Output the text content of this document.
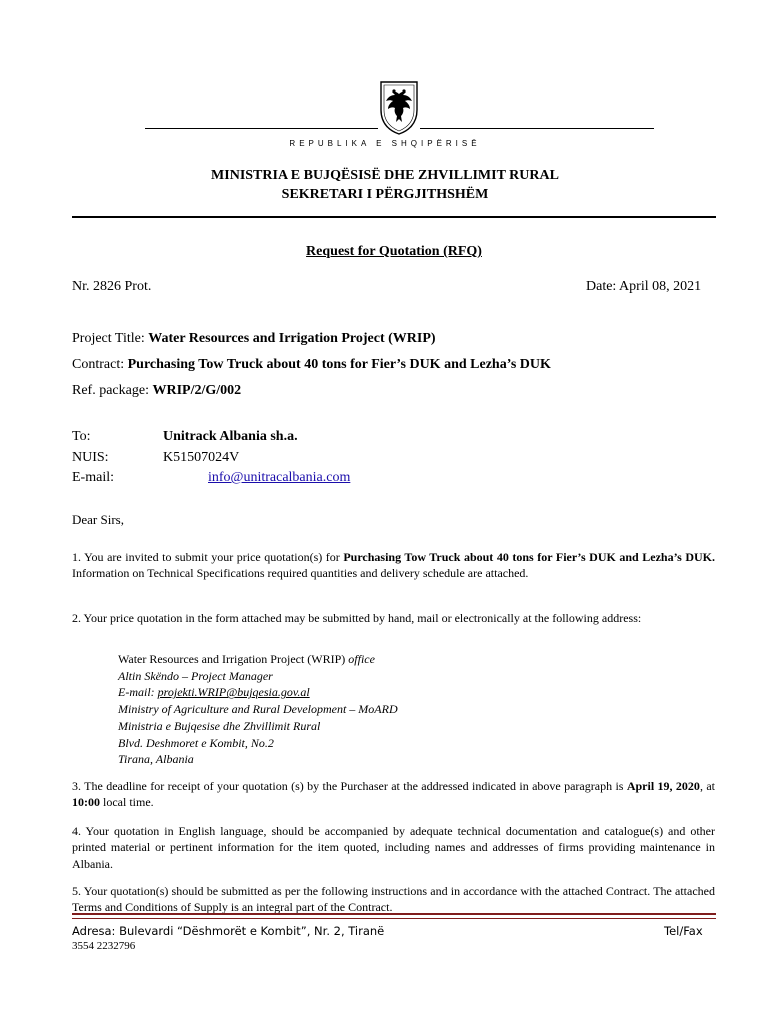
REPUBLIKA E SHQIPËRISË
MINISTRIA E BUJQËSISË DHE ZHVILLIMIT RURAL
SEKRETARI I PËRGJITHSHËM
Request for Quotation (RFQ)
Nr. 2826 Prot.	Date: April 08, 2021
Project Title: Water Resources and Irrigation Project (WRIP)
Contract: Purchasing Tow Truck about 40 tons for Fier’s DUK and Lezha’s DUK
Ref. package: WRIP/2/G/002
To:	Unitrack Albania sh.a.
NUIS:	K51507024V
E-mail:	info@unitracalbania.com
Dear Sirs,
1. You are invited to submit your price quotation(s) for Purchasing Tow Truck about 40 tons for Fier’s DUK and Lezha’s DUK. Information on Technical Specifications required quantities and delivery schedule are attached.
2. Your price quotation in the form attached may be submitted by hand, mail or electronically at the following address:
Water Resources and Irrigation Project (WRIP) office
Altin Skëndo – Project Manager
E-mail: projekti.WRIP@bujqesia.gov.al
Ministry of Agriculture and Rural Development – MoARD
Ministria e Bujqesise dhe Zhvillimit Rural
Blvd. Deshmoret e Kombit, No.2
Tirana, Albania
3. The deadline for receipt of your quotation (s) by the Purchaser at the addressed indicated in above paragraph is April 19, 2020, at 10:00 local time.
4. Your quotation in English language, should be accompanied by adequate technical documentation and catalogue(s) and other printed material or pertinent information for the item quoted, including names and addresses of firms providing maintenance in Albania.
5. Your quotation(s) should be submitted as per the following instructions and in accordance with the attached Contract. The attached Terms and Conditions of Supply is an integral part of the Contract.
Adresa: Bulevardi “Dëshmorët e Kombit”, Nr. 2, Tiranë	Tel/Fax
3554 2232796
